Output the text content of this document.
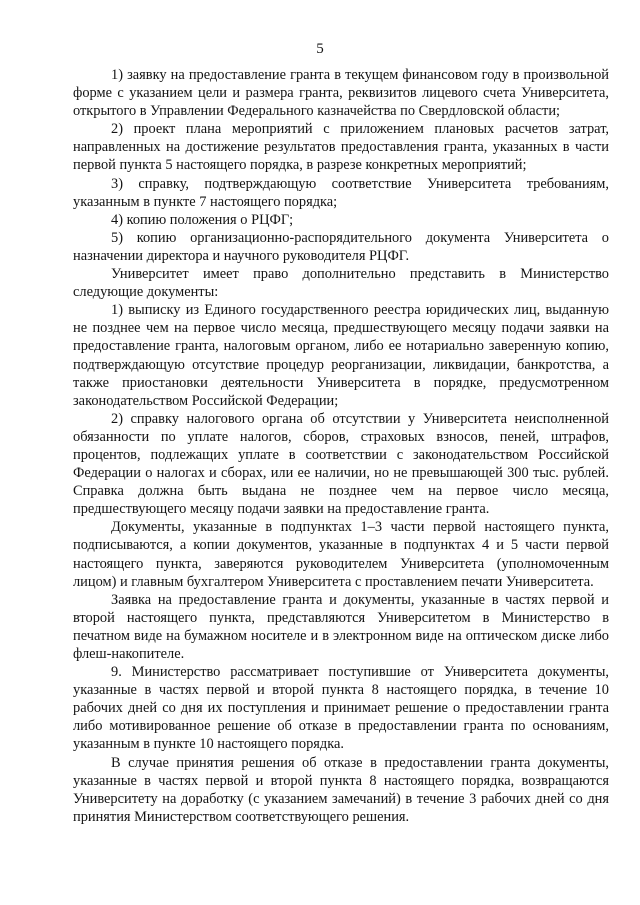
5

1) заявку на предоставление гранта в текущем финансовом году в произвольной форме с указанием цели и размера гранта, реквизитов лицевого счета Университета, открытого в Управлении Федерального казначейства по Свердловской области;

2) проект плана мероприятий с приложением плановых расчетов затрат, направленных на достижение результатов предоставления гранта, указанных в части первой пункта 5 настоящего порядка, в разрезе конкретных мероприятий;

3) справку, подтверждающую соответствие Университета требованиям, указанным в пункте 7 настоящего порядка;

4) копию положения о РЦФГ;

5) копию организационно-распорядительного документа Университета о назначении директора и научного руководителя РЦФГ.

Университет имеет право дополнительно представить в Министерство следующие документы:

1) выписку из Единого государственного реестра юридических лиц, выданную не позднее чем на первое число месяца, предшествующего месяцу подачи заявки на предоставление гранта, налоговым органом, либо ее нотариально заверенную копию, подтверждающую отсутствие процедур реорганизации, ликвидации, банкротства, а также приостановки деятельности Университета в порядке, предусмотренном законодательством Российской Федерации;

2) справку налогового органа об отсутствии у Университета неисполненной обязанности по уплате налогов, сборов, страховых взносов, пеней, штрафов, процентов, подлежащих уплате в соответствии с законодательством Российской Федерации о налогах и сборах, или ее наличии, но не превышающей 300 тыс. рублей. Справка должна быть выдана не позднее чем на первое число месяца, предшествующего месяцу подачи заявки на предоставление гранта.

Документы, указанные в подпунктах 1–3 части первой настоящего пункта, подписываются, а копии документов, указанные в подпунктах 4 и 5 части первой настоящего пункта, заверяются руководителем Университета (уполномоченным лицом) и главным бухгалтером Университета с проставлением печати Университета.

Заявка на предоставление гранта и документы, указанные в частях первой и второй настоящего пункта, представляются Университетом в Министерство в печатном виде на бумажном носителе и в электронном виде на оптическом диске либо флеш-накопителе.

9. Министерство рассматривает поступившие от Университета документы, указанные в частях первой и второй пункта 8 настоящего порядка, в течение 10 рабочих дней со дня их поступления и принимает решение о предоставлении гранта либо мотивированное решение об отказе в предоставлении гранта по основаниям, указанным в пункте 10 настоящего порядка.

В случае принятия решения об отказе в предоставлении гранта документы, указанные в частях первой и второй пункта 8 настоящего порядка, возвращаются Университету на доработку (с указанием замечаний) в течение 3 рабочих дней со дня принятия Министерством соответствующего решения.
